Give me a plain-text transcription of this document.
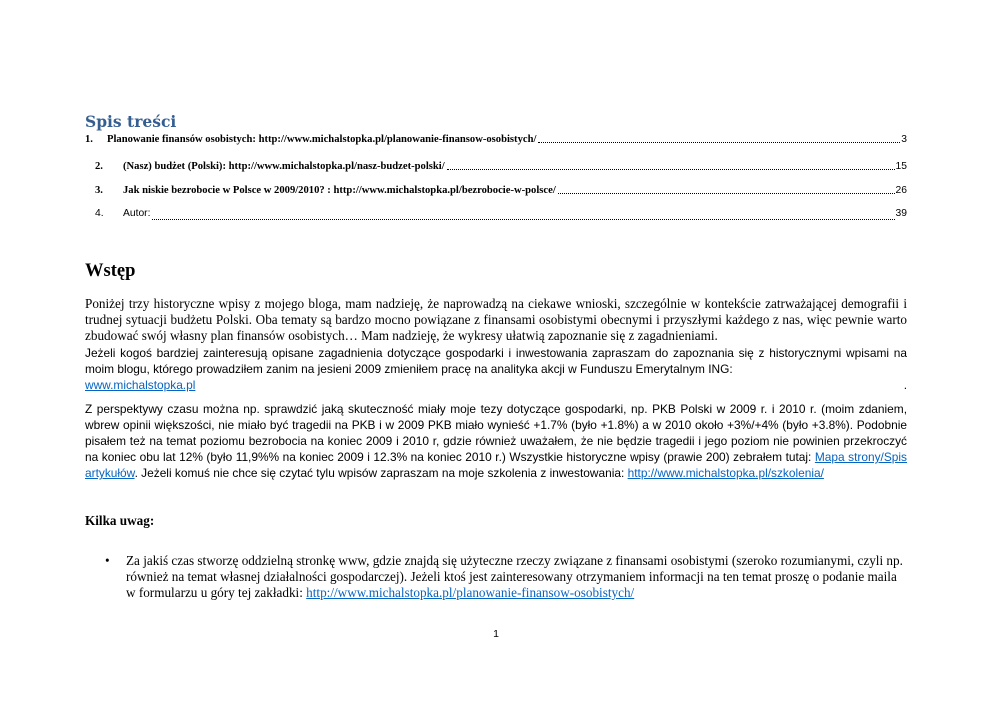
Spis treści
1.	Planowanie finansów osobistych: http://www.michalstopka.pl/planowanie-finansow-osobistych/	3
2.	(Nasz) budżet (Polski): http://www.michalstopka.pl/nasz-budzet-polski/	15
3.	Jak niskie bezrobocie w Polsce w 2009/2010? : http://www.michalstopka.pl/bezrobocie-w-polsce/	26
4.	Autor:	39
Wstęp

Poniżej trzy historyczne wpisy z mojego bloga, mam nadzieję, że naprowadzą na ciekawe wnioski, szczególnie w kontekście zatrważającej demografii i trudnej sytuacji budżetu Polski. Oba tematy są bardzo mocno powiązane z finansami osobistymi obecnymi i przyszłymi każdego z nas, więc pewnie warto zbudować swój własny plan finansów osobistych… Mam nadzieję, że wykresy ułatwią zapoznanie się z zagadnieniami.

Jeżeli kogoś bardziej zainteresują opisane zagadnienia dotyczące gospodarki i inwestowania zapraszam do zapoznania się z historycznymi wpisami na moim blogu, którego prowadziłem zanim na jesieni 2009 zmieniłem pracę na analityka akcji w Funduszu Emerytalnym ING:
www.michalstopka.pl	.

Z perspektywy czasu można np. sprawdzić jaką skuteczność miały moje tezy dotyczące gospodarki, np. PKB Polski w 2009 r. i 2010 r. (moim zdaniem, wbrew opinii większości, nie miało być tragedii na PKB i w 2009 PKB miało wynieść +1.7% (było +1.8%) a w 2010 około +3%/+4% (było +3.8%). Podobnie pisałem też na temat poziomu bezrobocia na koniec 2009 i 2010 r, gdzie również uważałem, że nie będzie tragedii i jego poziom nie powinien przekroczyć na koniec obu lat 12% (było 11,9%% na koniec 2009 i 12.3% na koniec 2010 r.) Wszystkie historyczne wpisy (prawie 200) zebrałem tutaj: Mapa strony/Spis artykułów. Jeżeli komuś nie chce się czytać tylu wpisów zapraszam na moje szkolenia z inwestowania: http://www.michalstopka.pl/szkolenia/

Kilka uwag:

• Za jakiś czas stworzę oddzielną stronkę www, gdzie znajdą się użyteczne rzeczy związane z finansami osobistymi (szeroko rozumianymi, czyli np. również na temat własnej działalności gospodarczej). Jeżeli ktoś jest zainteresowany otrzymaniem informacji na ten temat proszę o podanie maila w formularzu u góry tej zakładki: http://www.michalstopka.pl/planowanie-finansow-osobistych/

1
